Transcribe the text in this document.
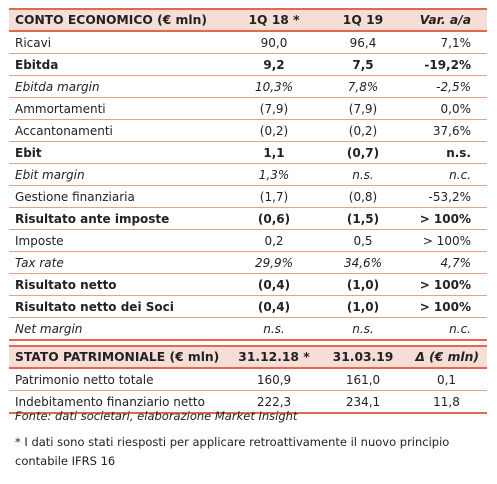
CONTO ECONOMICO (€ mln)	1Q 18 *	1Q 19	Var. a/a
Ricavi	90,0	96,4	7,1%
Ebitda	9,2	7,5	-19,2%
Ebitda margin	10,3%	7,8%	-2,5%
Ammortamenti	(7,9)	(7,9)	0,0%
Accantonamenti	(0,2)	(0,2)	37,6%
Ebit	1,1	(0,7)	n.s.
Ebit margin	1,3%	n.s.	n.c.
Gestione finanziaria	(1,7)	(0,8)	-53,2%
Risultato ante imposte	(0,6)	(1,5)	> 100%
Imposte	0,2	0,5	> 100%
Tax rate	29,9%	34,6%	4,7%
Risultato netto	(0,4)	(1,0)	> 100%
Risultato netto dei Soci	(0,4)	(1,0)	> 100%
Net margin	n.s.	n.s.	n.c.
STATO PATRIMONIALE (€ mln)	31.12.18 *	31.03.19	Δ (€ mln)
Patrimonio netto totale	160,9	161,0	0,1
Indebitamento finanziario netto	222,3	234,1	11,8
Fonte: dati societari, elaborazione Market Insight
* I dati sono stati riesposti per applicare retroattivamente il nuovo principio contabile IFRS 16
